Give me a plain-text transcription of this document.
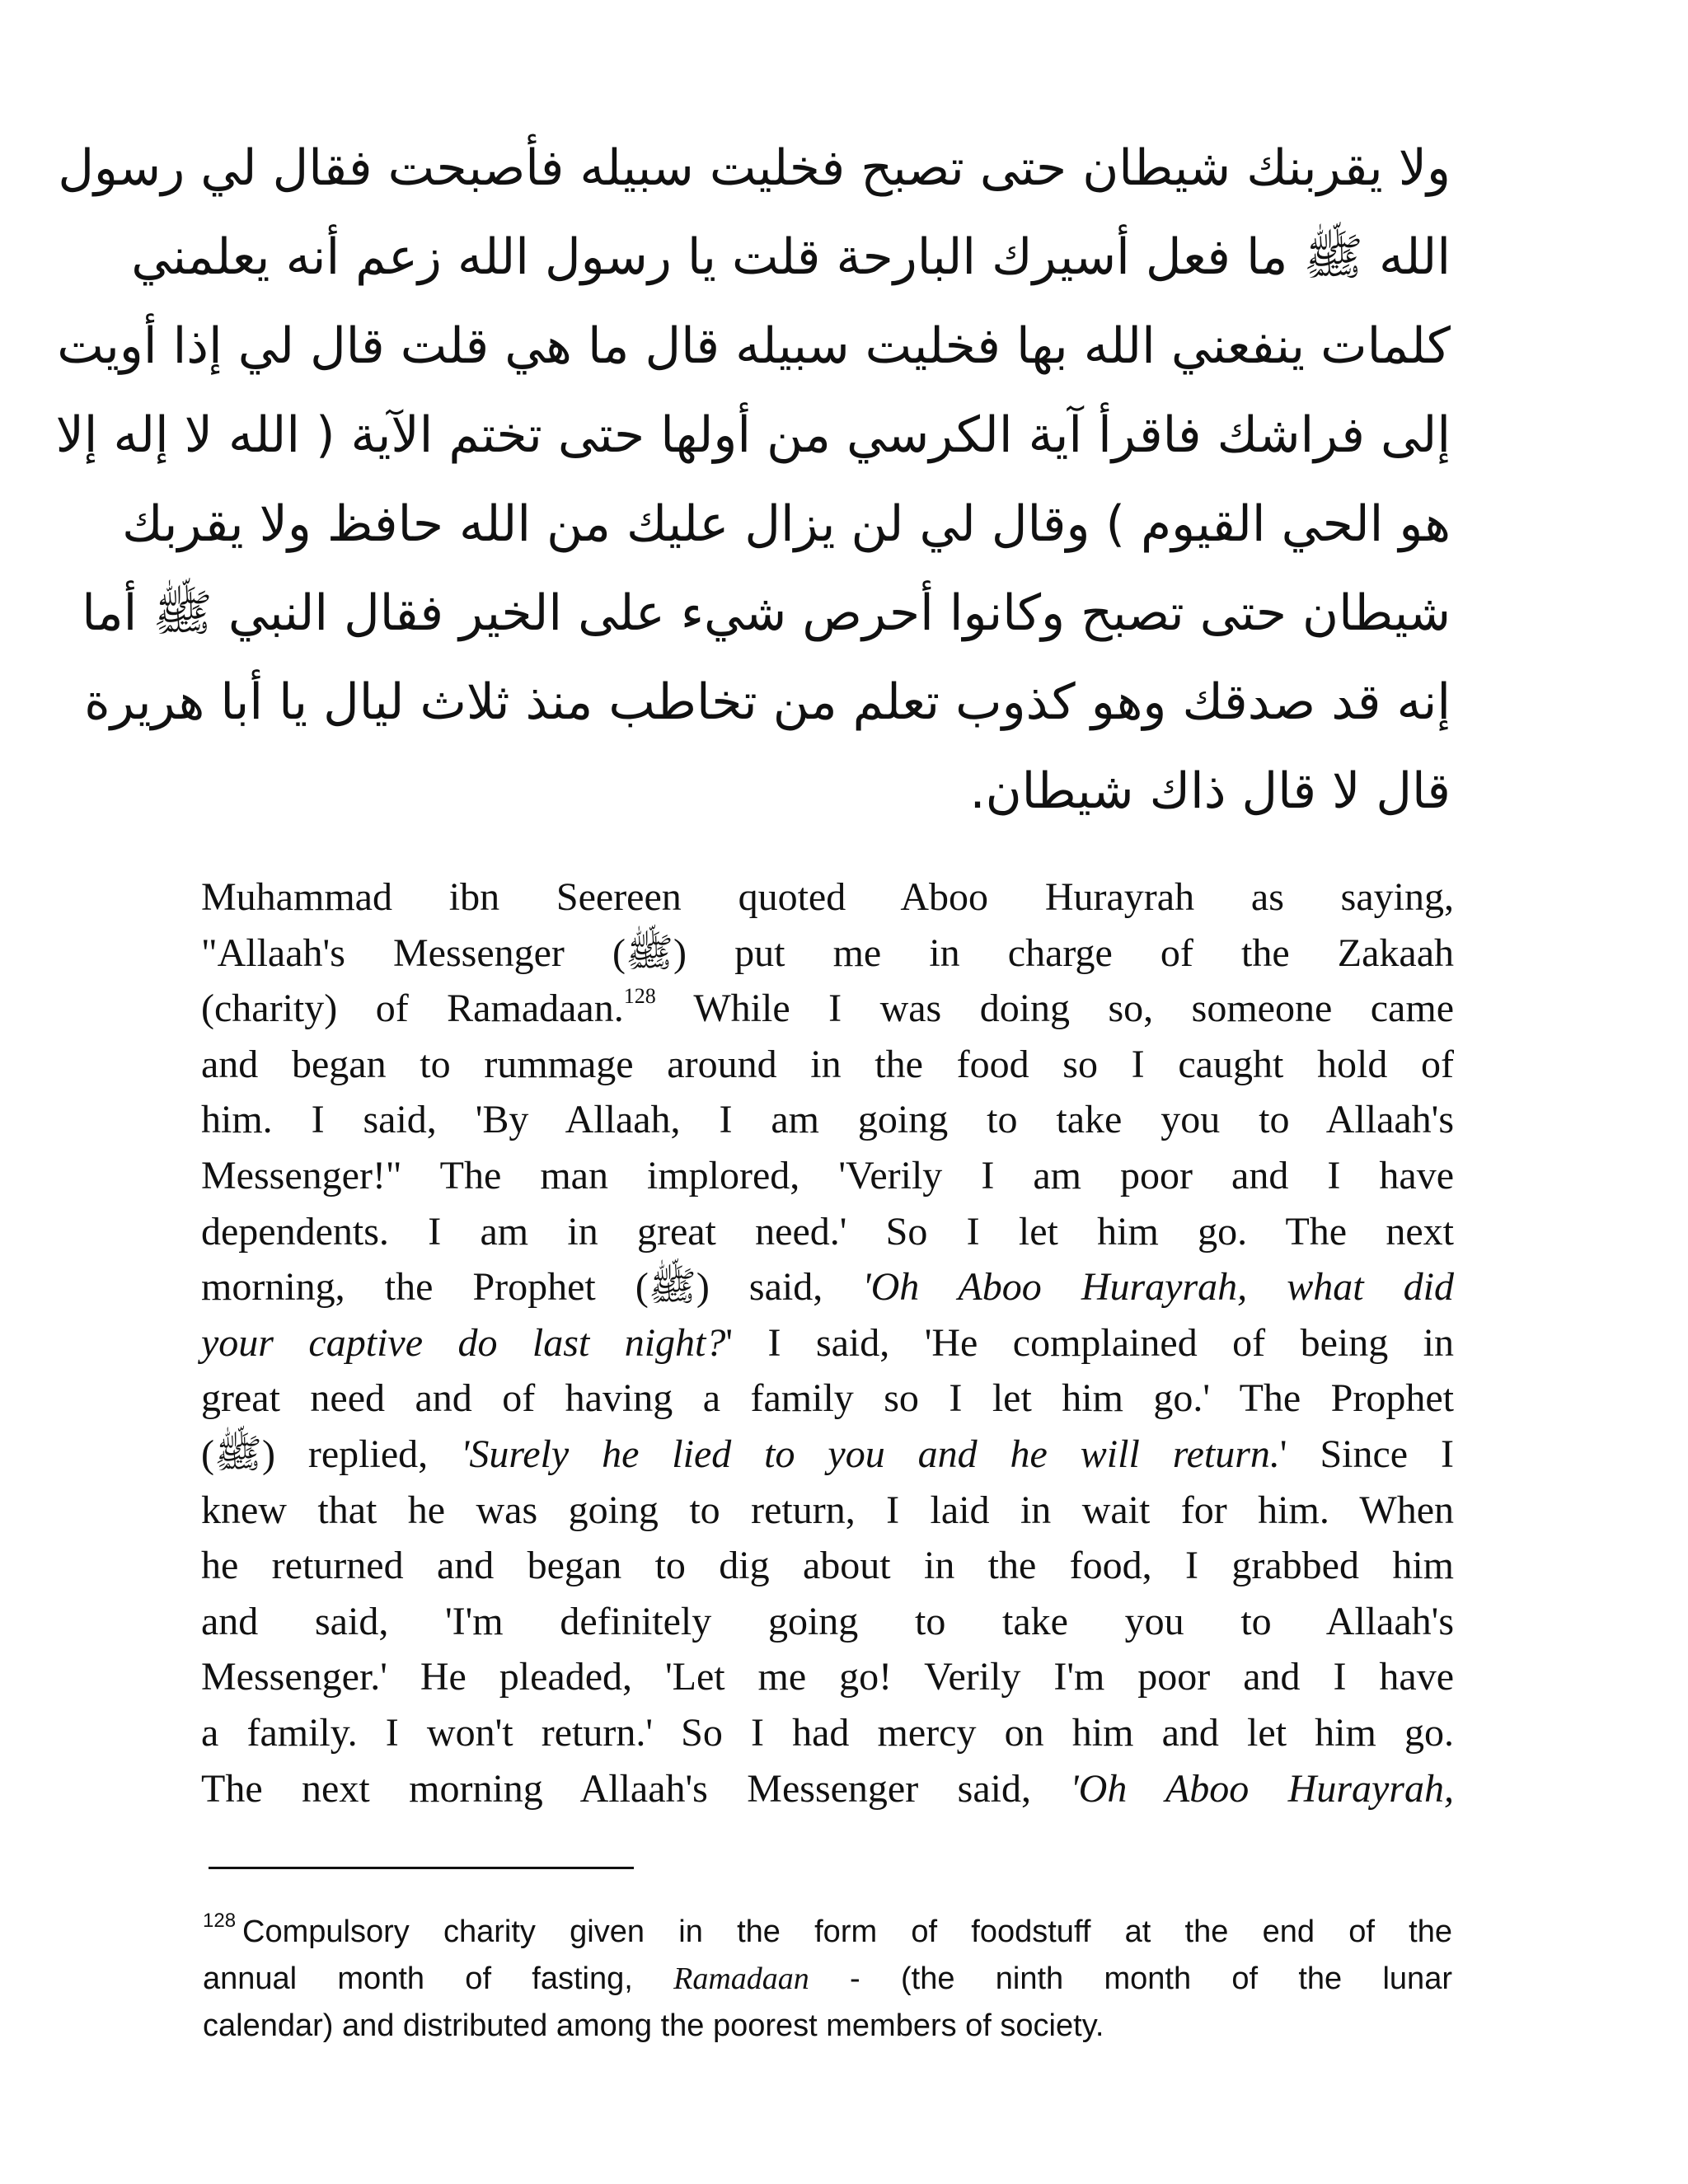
ولا يقربنك شيطان حتى تصبح فخليت سبيله فأصبحت فقال لي رسول
الله ﷺ ما فعل أسيرك البارحة قلت يا رسول الله زعم أنه يعلمني
كلمات ينفعني الله بها فخليت سبيله قال ما هي قلت قال لي إذا أويت
إلى فراشك فاقرأ آية الكرسي من أولها حتى تختم الآية ( الله لا إله إلا
هو الحي القيوم ) وقال لي لن يزال عليك من الله حافظ ولا يقربك
شيطان حتى تصبح وكانوا أحرص شيء على الخير فقال النبي ﷺ أما
إنه قد صدقك وهو كذوب تعلم من تخاطب منذ ثلاث ليال يا أبا هريرة
قال لا قال ذاك شيطان.
Muhammad ibn Seereen quoted Aboo Hurayrah as saying,
"Allaah's Messenger (ﷺ) put me in charge of the Zakaah
(charity) of Ramadaan.$^{128}$ While I was doing so, someone came
and began to rummage around in the food so I caught hold of
him. I said, 'By Allaah, I am going to take you to Allaah's
Messenger!" The man implored, 'Verily I am poor and I have
dependents. I am in great need.' So I let him go. The next
morning, the Prophet (ﷺ) said, 'Oh Aboo Hurayrah, what did
your captive do last night?' I said, 'He complained of being in
great need and of having a family so I let him go.' The Prophet
(ﷺ) replied, 'Surely he lied to you and he will return.' Since I
knew that he was going to return, I laid in wait for him. When
he returned and began to dig about in the food, I grabbed him
and said, 'I'm definitely going to take you to Allaah's
Messenger.' He pleaded, 'Let me go! Verily I'm poor and I have
a family. I won't return.' So I had mercy on him and let him go.
The next morning Allaah's Messenger said, 'Oh Aboo Hurayrah,
$^{128}$ Compulsory charity given in the form of foodstuff at the end of the
annual month of fasting, Ramadaan - (the ninth month of the lunar
calendar) and distributed among the poorest members of society.
